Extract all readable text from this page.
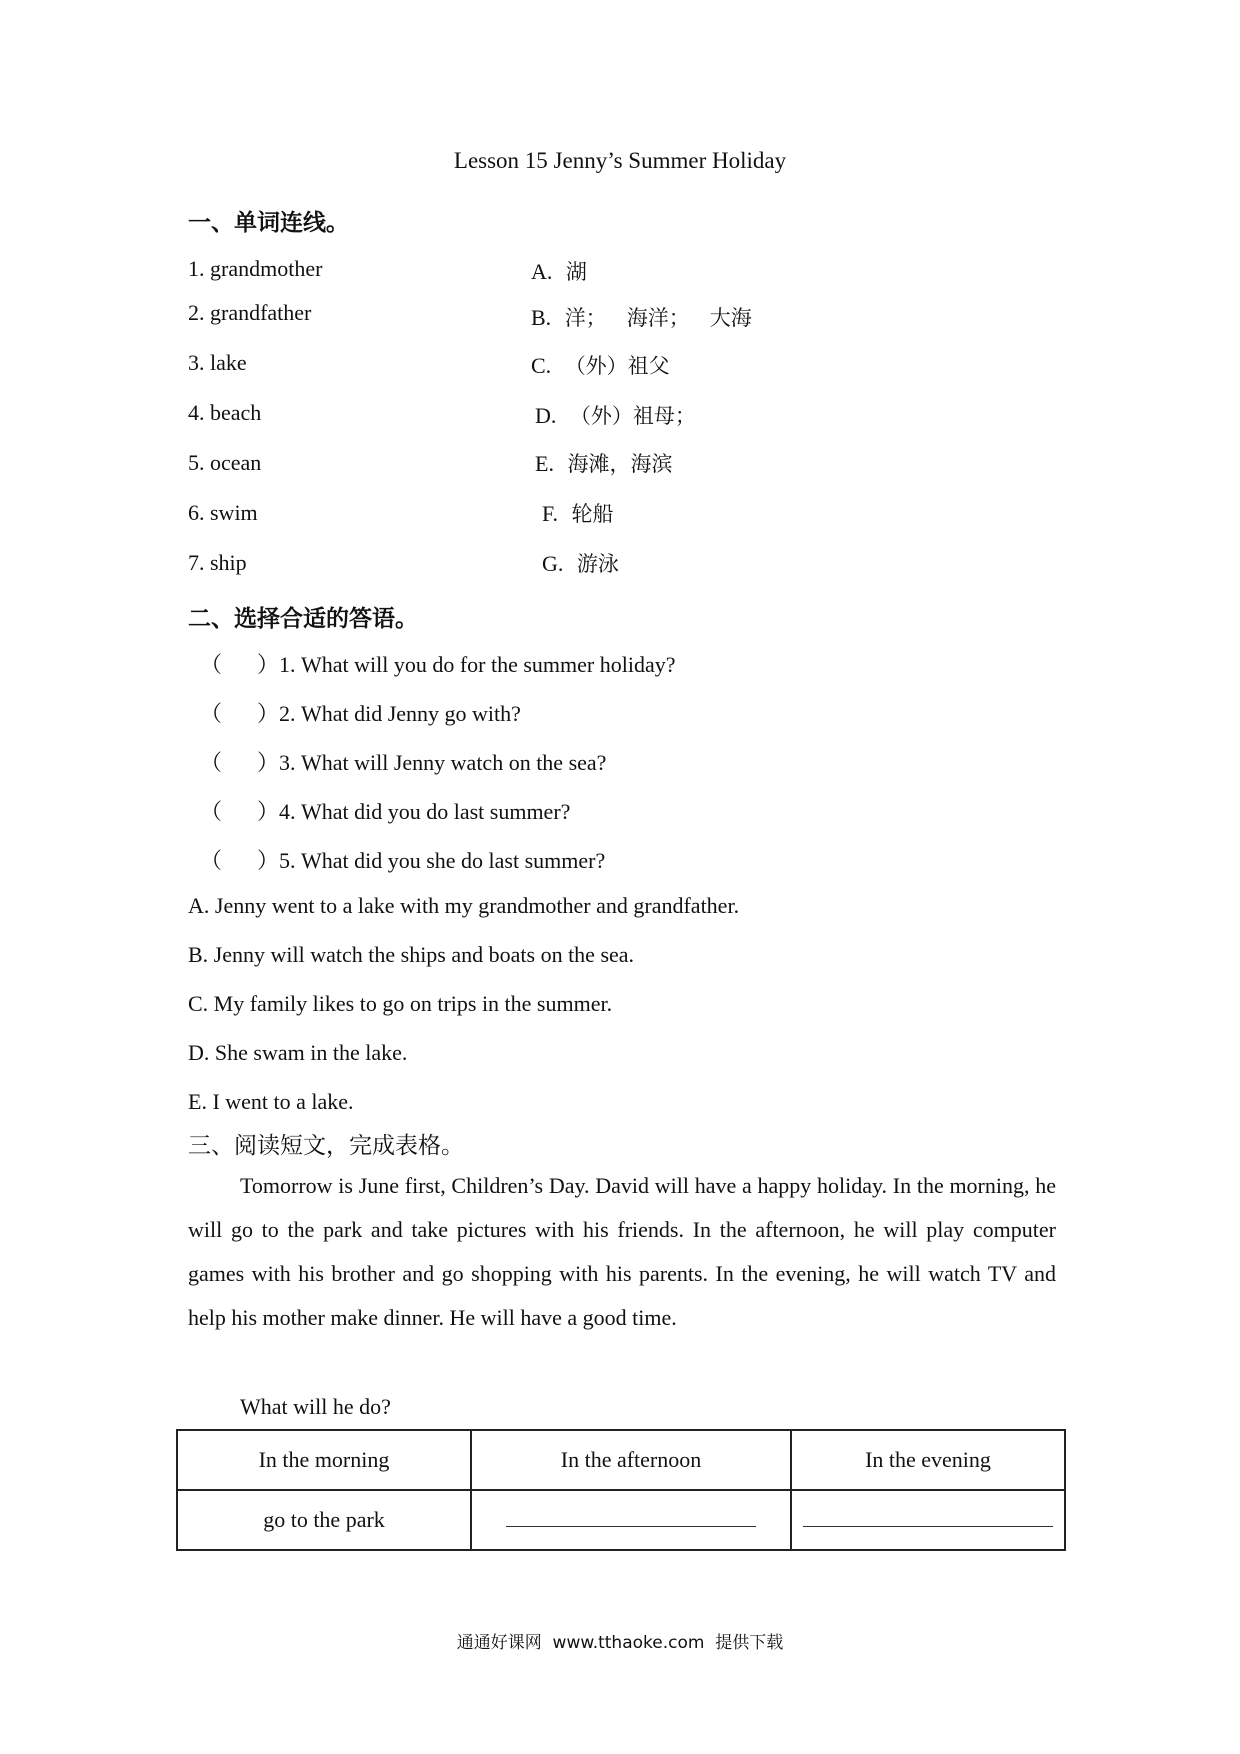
Lesson 15 Jenny’s Summer Holiday
一、单词连线。
1. grandmother
2. grandfather
3. lake
4. beach
5. ocean
6. swim
7. ship
A. 湖
B. 洋；   海洋；   大海
C. （外）祖父
D. （外）祖母；
E. 海滩，海滨
F. 轮船
G. 游泳
二、选择合适的答语。
（     ）1. What will you do for the summer holiday?
（     ）2. What did Jenny go with?
（     ）3. What will Jenny watch on the sea?
（     ）4. What did you do last summer?
（     ）5. What did you she do last summer?
A. Jenny went to a lake with my grandmother and grandfather.
B. Jenny will watch the ships and boats on the sea.
C. My family likes to go on trips in the summer.
D. She swam in the lake.
E. I went to a lake.
三、阅读短文，完成表格。
Tomorrow is June first, Children’s Day. David will have a happy holiday. In the morning, he will go to the park and take pictures with his friends. In the afternoon, he will play computer games with his brother and go shopping with his parents. In the evening, he will watch TV and help his mother make dinner. He will have a good time.
What will he do?
In the morning	In the afternoon	In the evening
go to the park		
通通好课网  www.tthaoke.com  提供下载
